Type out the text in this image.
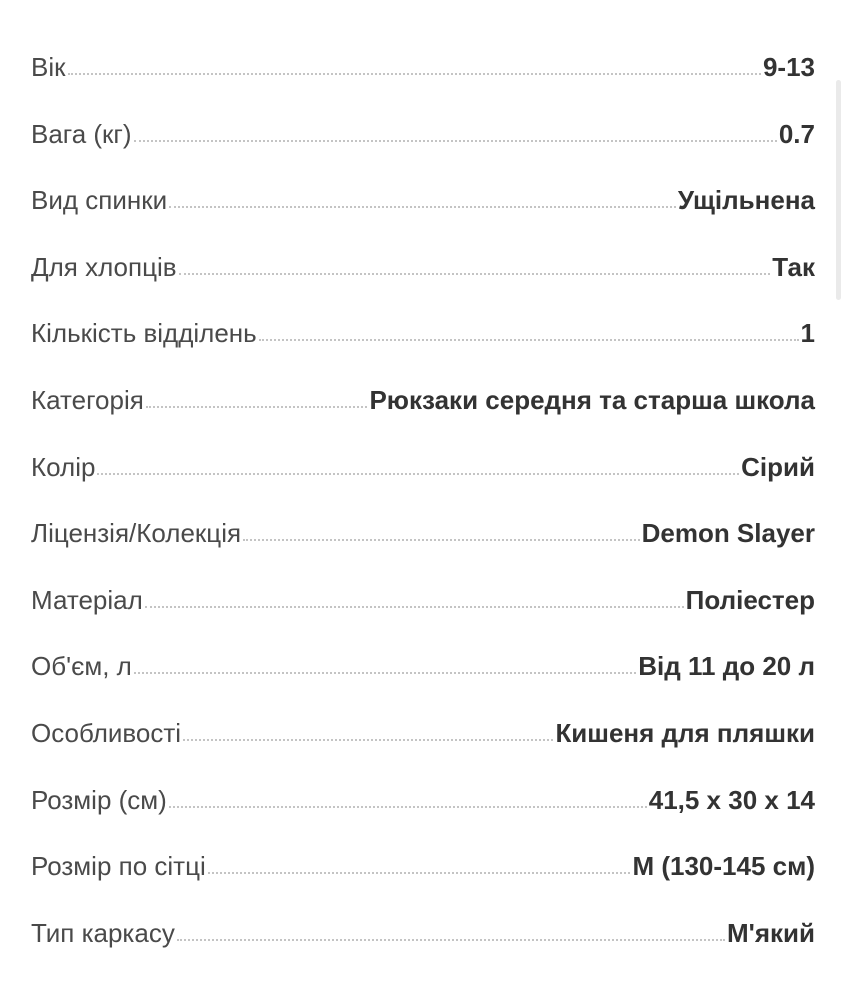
Вік	9-13
Вага (кг)	0.7
Вид спинки	Ущільнена
Для хлопців	Так
Кількість відділень	1
Категорія	Рюкзаки середня та старша школа
Колір	Сірий
Ліцензія/Колекція	Demon Slayer
Матеріал	Поліестер
Об'єм, л	Від 11 до 20 л
Особливості	Кишеня для пляшки
Розмір (см)	41,5 x 30 x 14
Розмір по сітці	M (130-145 см)
Тип каркасу	М'який
